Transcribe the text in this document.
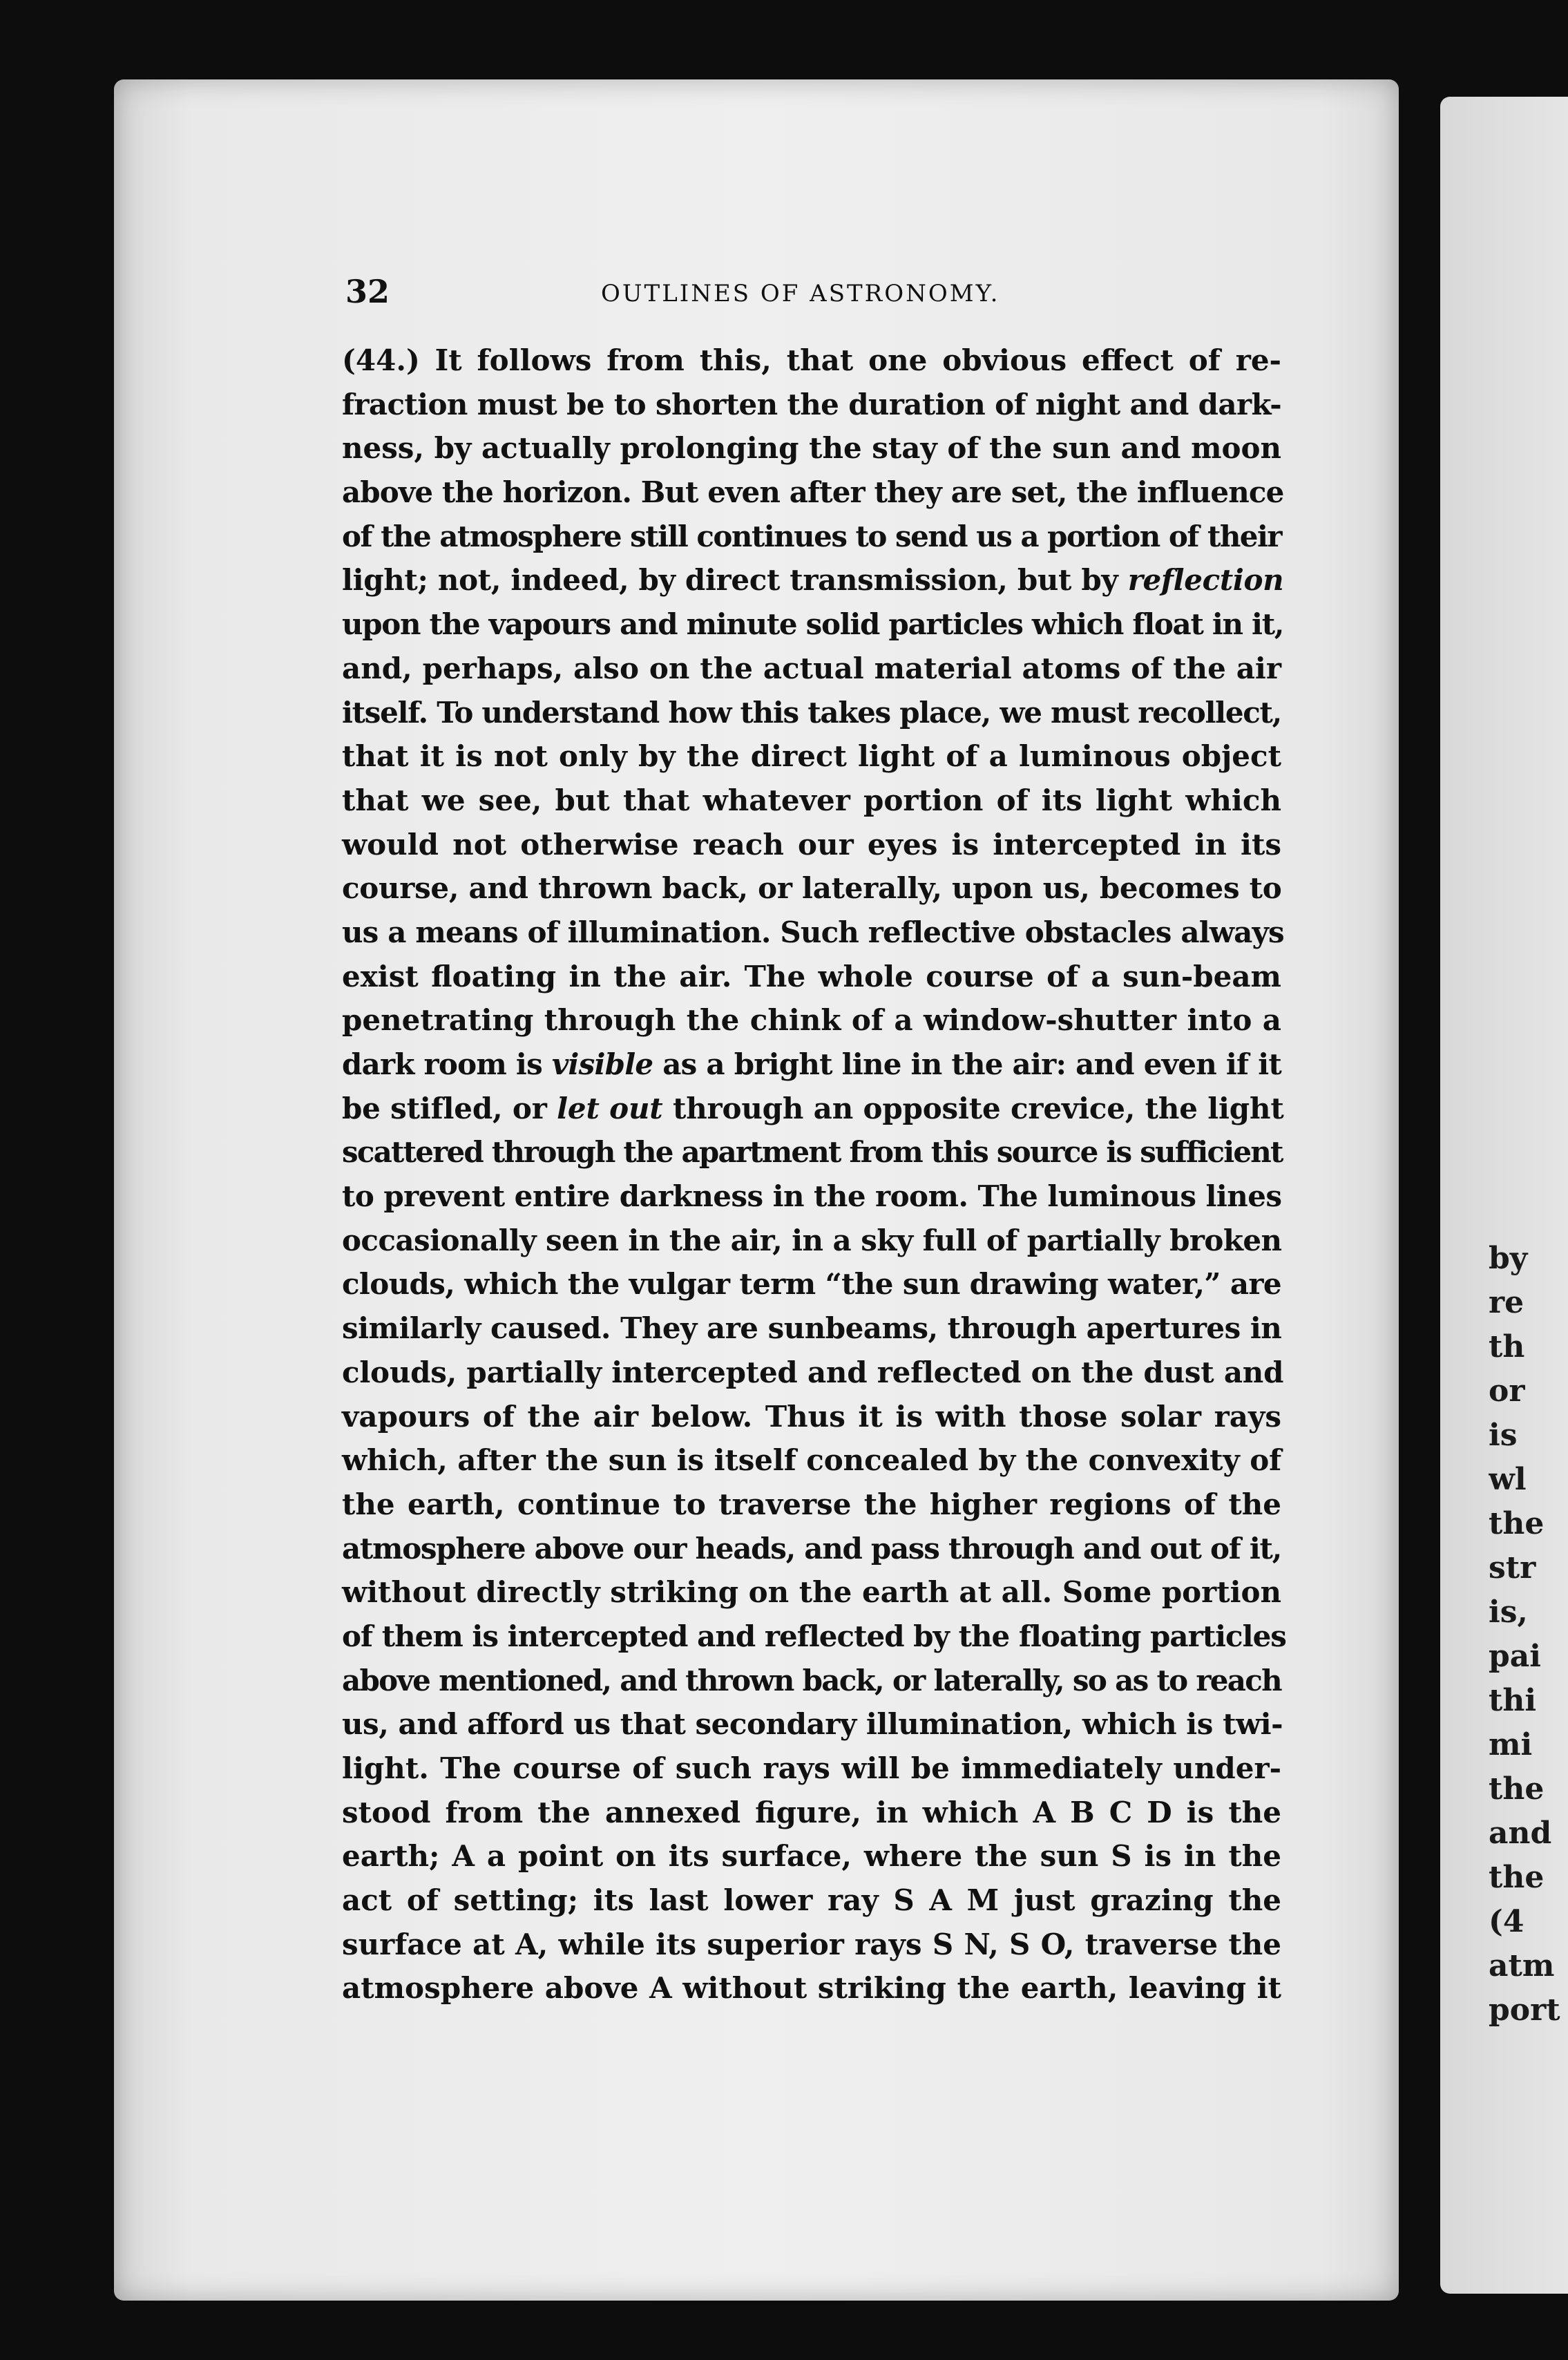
by
re
th
or
is
wl
the
str
is,
pai
thi
mi
the
and
the
(4
atm
port
32	OUTLINES OF ASTRONOMY.
(44.) It follows from this, that one obvious effect of re-
fraction must be to shorten the duration of night and dark-
ness, by actually prolonging the stay of the sun and moon
above the horizon. But even after they are set, the influence
of the atmosphere still continues to send us a portion of their
light; not, indeed, by direct transmission, but by reflection
upon the vapours and minute solid particles which float in it,
and, perhaps, also on the actual material atoms of the air
itself. To understand how this takes place, we must recollect,
that it is not only by the direct light of a luminous object
that we see, but that whatever portion of its light which
would not otherwise reach our eyes is intercepted in its
course, and thrown back, or laterally, upon us, becomes to
us a means of illumination. Such reflective obstacles always
exist floating in the air. The whole course of a sun-beam
penetrating through the chink of a window-shutter into a
dark room is visible as a bright line in the air: and even if it
be stifled, or let out through an opposite crevice, the light
scattered through the apartment from this source is sufficient
to prevent entire darkness in the room. The luminous lines
occasionally seen in the air, in a sky full of partially broken
clouds, which the vulgar term “the sun drawing water,” are
similarly caused. They are sunbeams, through apertures in
clouds, partially intercepted and reflected on the dust and
vapours of the air below. Thus it is with those solar rays
which, after the sun is itself concealed by the convexity of
the earth, continue to traverse the higher regions of the
atmosphere above our heads, and pass through and out of it,
without directly striking on the earth at all. Some portion
of them is intercepted and reflected by the floating particles
above mentioned, and thrown back, or laterally, so as to reach
us, and afford us that secondary illumination, which is twi-
light. The course of such rays will be immediately under-
stood from the annexed figure, in which A B C D is the
earth; A a point on its surface, where the sun S is in the
act of setting; its last lower ray S A M just grazing the
surface at A, while its superior rays S N, S O, traverse the
atmosphere above A without striking the earth, leaving it
